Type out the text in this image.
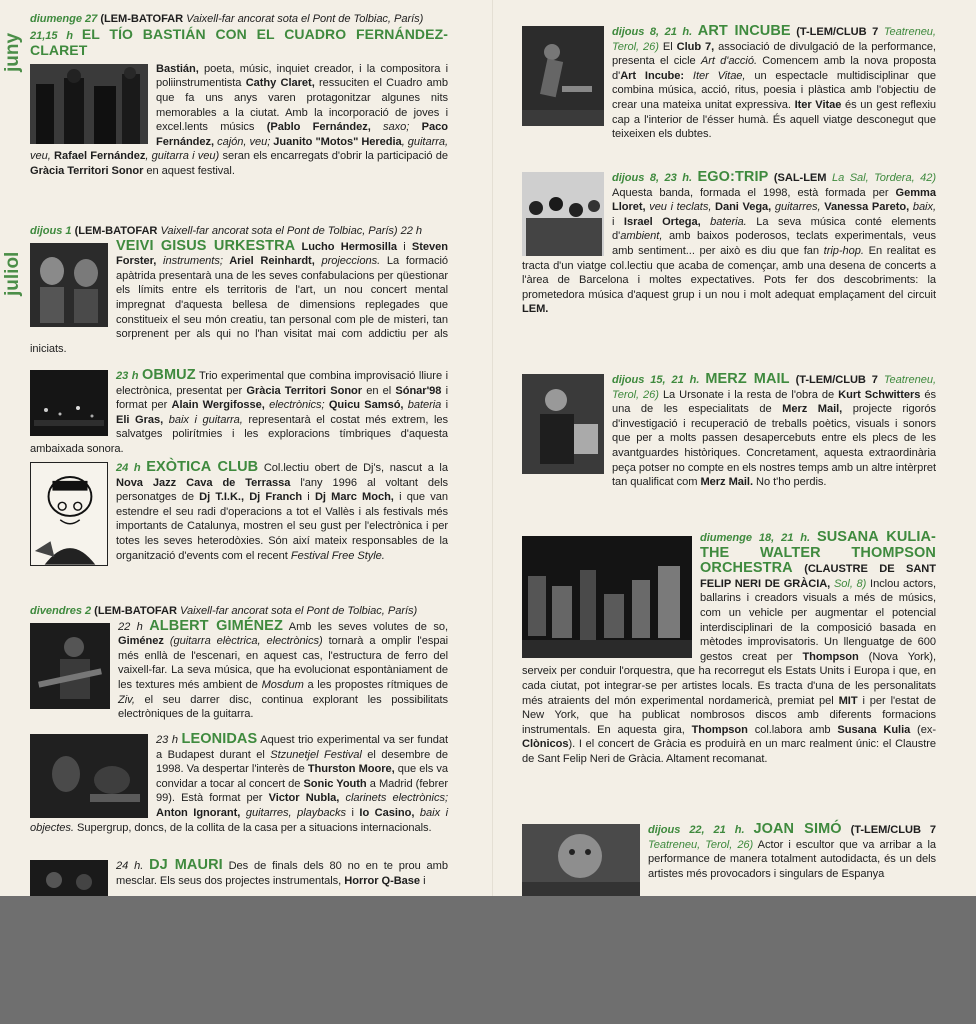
juny
juliol

diumenge 27 (LEM-BATOFAR Vaixell-far ancorat sota el Pont de Tolbiac, París)

21,15 h EL TÍO BASTIÁN CON EL CUADRO FERNÁNDEZ-CLARET

Bastián, poeta, músic, inquiet creador, i la compositora i poliinstrumentista Cathy Claret, ressuciten el Cuadro amb que fa uns anys varen protagonitzar algunes nits memorables a la ciutat. Amb la incorporació de joves i excel.lents músics (Pablo Fernández, saxo; Paco Fernández, cajón, veu; Juanito "Motos" Heredia, guitarra, veu, Rafael Fernández, guitarra i veu) seran els encarregats d'obrir la participació de Gràcia Territori Sonor en aquest festival.

dijous 1 (LEM-BATOFAR Vaixell-far ancorat sota el Pont de Tolbiac, París) 22 h

VEIVI GISUS URKESTRA Lucho Hermosilla i Steven Forster, instruments; Ariel Reinhardt, projeccions. La formació apàtrida presentarà una de les seves confabulacions per qüestionar els límits entre els territoris de l'art, un nou concert mental impregnat d'aquesta bellesa de dimensions replegades que constitueix el seu món creatiu, tan personal com ple de misteri, tan sorprenent per als qui no l'han visitat mai com addictiu per als iniciats.

23 h OBMUZ Trio experimental que combina improvisació lliure i electrònica, presentat per Gràcia Territori Sonor en el Sónar'98 i format per Alain Wergifosse, electrònics; Quicu Samsó, bateria i Eli Gras, baix i guitarra, representarà el costat més extrem, les salvatges polirítmies i les exploracions tímbriques d'aquesta ambaixada sonora.

24 h EXÒTICA CLUB Col.lectiu obert de Dj's, nascut a la Nova Jazz Cava de Terrassa l'any 1996 al voltant dels personatges de Dj T.I.K., Dj Franch i Dj Marc Moch, i que van estendre el seu radi d'operacions a tot el Vallès i als festivals més importants de Catalunya, mostren el seu gust per l'electrònica i per totes les seves heterodòxies. Són així mateix responsables de la organització d'events com el recent Festival Free Style.

divendres 2 (LEM-BATOFAR Vaixell-far ancorat sota el Pont de Tolbiac, París)

22 h ALBERT GIMÉNEZ Amb les seves volutes de so, Giménez (guitarra elèctrica, electrònics) tornarà a omplir l'espai més enllà de l'escenari, en aquest cas, l'estructura de ferro del vaixell-far. La seva música, que ha evolucionat espontàniament de les textures més ambient de Mosdum a les propostes rítmiques de Ziv, el seu darrer disc, continua explorant les possibilitats electròniques de la guitarra.

23 h LEONIDAS Aquest trio experimental va ser fundat a Budapest durant el Stzunetjel Festival el desembre de 1998. Va despertar l'interès de Thurston Moore, que els va convidar a tocar al concert de Sonic Youth a Madrid (febrer 99). Està format per Victor Nubla, clarinets electrònics; Anton Ignorant, guitarres, playbacks i Io Casino, baix i objectes. Supergrup, doncs, de la collita de la casa per a situacions internacionals.

24 h. DJ MAURI Des de finals dels 80 no en te prou amb mesclar. Els seus dos projectes instrumentals, Horror Q-Base i

dijous 8, 21 h. ART INCUBE (T-LEM/CLUB 7 Teatreneu, Terol, 26) El Club 7, associació de divulgació de la performance, presenta el cicle Art d'acció. Comencem amb la nova proposta d'Art Incube: Iter Vitae, un espectacle multidisciplinar que combina música, acció, ritus, poesia i plàstica amb l'objectiu de crear una mateixa unitat expressiva. Iter Vitae és un gest reflexiu cap a l'interior de l'ésser humà. És aquell viatge desconegut que teixeixen els dubtes.

dijous 8, 23 h. EGO:TRIP (SAL-LEM La Sal, Tordera, 42) Aquesta banda, formada el 1998, està formada per Gemma Lloret, veu i teclats, Dani Vega, guitarres, Vanessa Pareto, baix, i Israel Ortega, bateria. La seva música conté elements d'ambient, amb baixos poderosos, teclats experimentals, veus amb sentiment... per això es diu que fan trip-hop. En realitat es tracta d'un viatge col.lectiu que acaba de començar, amb una desena de concerts a l'àrea de Barcelona i moltes expectatives. Pots fer dos descobriments: la prometedora música d'aquest grup i un nou i molt adequat emplaçament del circuit LEM.

dijous 15, 21 h. MERZ MAIL (T-LEM/CLUB 7 Teatreneu, Terol, 26) La Ursonate i la resta de l'obra de Kurt Schwitters és una de les especialitats de Merz Mail, projecte rigorós d'investigació i recuperació de treballs poètics, visuals i sonors que per a molts passen desapercebuts entre els plecs de les avantguardes històriques. Concretament, aquesta extraordinària peça potser no compte en els nostres temps amb un altre intèrpret tan qualificat com Merz Mail. No t'ho perdis.

diumenge 18, 21 h. SUSANA KULIA-THE WALTER THOMPSON ORCHESTRA (CLAUSTRE DE SANT FELIP NERI DE GRÀCIA, Sol, 8) Inclou actors, ballarins i creadors visuals a més de músics, com un vehicle per augmentar el potencial interdisciplinari de la composició basada en mètodes improvisatoris. Un llenguatge de 600 gestos creat per Thompson (Nova York), serveix per conduir l'orquestra, que ha recorregut els Estats Units i Europa i que, en cada ciutat, pot integrar-se per artistes locals. Es tracta d'una de les personalitats més atraients del món experimental nordamericà, premiat pel MIT i per l'estat de New York, que ha publicat nombrosos discos amb diferents formacions instrumentals. En aquesta gira, Thompson col.labora amb Susana Kulia (ex-Clònicos). I el concert de Gràcia es produirà en un marc realment únic: el Claustre de Sant Felip Neri de Gràcia. Altament recomanat.

dijous 22, 21 h. JOAN SIMÓ (T-LEM/CLUB 7 Teatreneu, Terol, 26) Actor i escultor que va arribar a la performance de manera totalment autodidacta, és un dels artistes més provocadors i singulars de Espanya
